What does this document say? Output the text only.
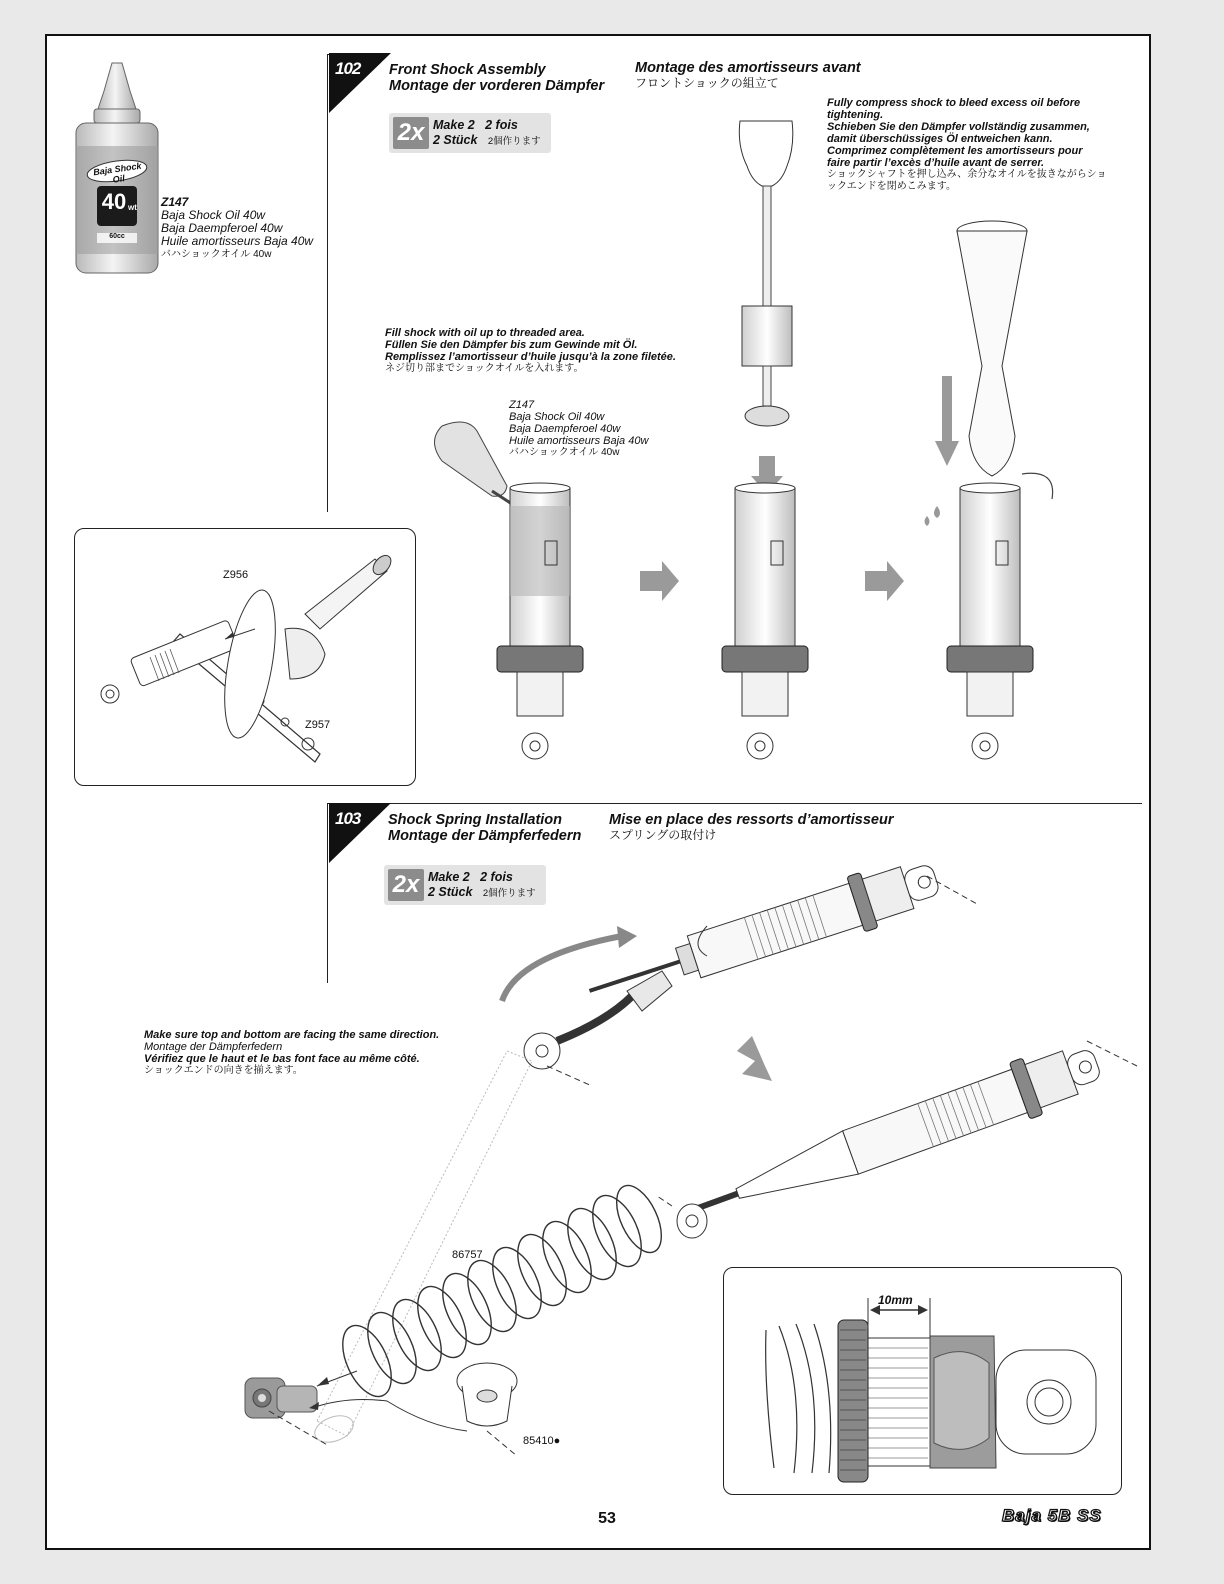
Baja Shock Oil
40 wt
60cc
Z147
Baja Shock Oil 40w
Baja Daempferoel 40w
Huile amortisseurs Baja 40w
バハショックオイル 40w
102 Front Shock Assembly
Montage der vorderen Dämpfer
Montage des amortisseurs avant
フロントショックの組立て
2x Make 2 2 fois
2 Stück 2個作ります
Fully compress shock to bleed excess oil before
tightening.
Schieben Sie den Dämpfer vollständig zusammen,
damit überschüssiges Öl entweichen kann.
Comprimez complètement les amortisseurs pour
faire partir l’excès d’huile avant de serrer.
ショックシャフトを押し込み、余分なオイルを抜きながらショ
ックエンドを閉めこみます。
Fill shock with oil up to threaded area.
Füllen Sie den Dämpfer bis zum Gewinde mit Öl.
Remplissez l’amortisseur d’huile jusqu’à la zone filetée.
ネジ切り部までショックオイルを入れます。
Z147
Baja Shock Oil 40w
Baja Daempferoel 40w
Huile amortisseurs Baja 40w
バハショックオイル 40w
Z956
Z957
103 Shock Spring Installation
Montage der Dämpferfedern
Mise en place des ressorts d’amortisseur
スプリングの取付け
2x Make 2 2 fois
2 Stück 2個作ります
Make sure top and bottom are facing the same direction.
Montage der Dämpferfedern
Vérifiez que le haut et le bas font face au même côté.
ショックエンドの向きを揃えます。
86757
85410●
10mm
53	Baja 5B SS
